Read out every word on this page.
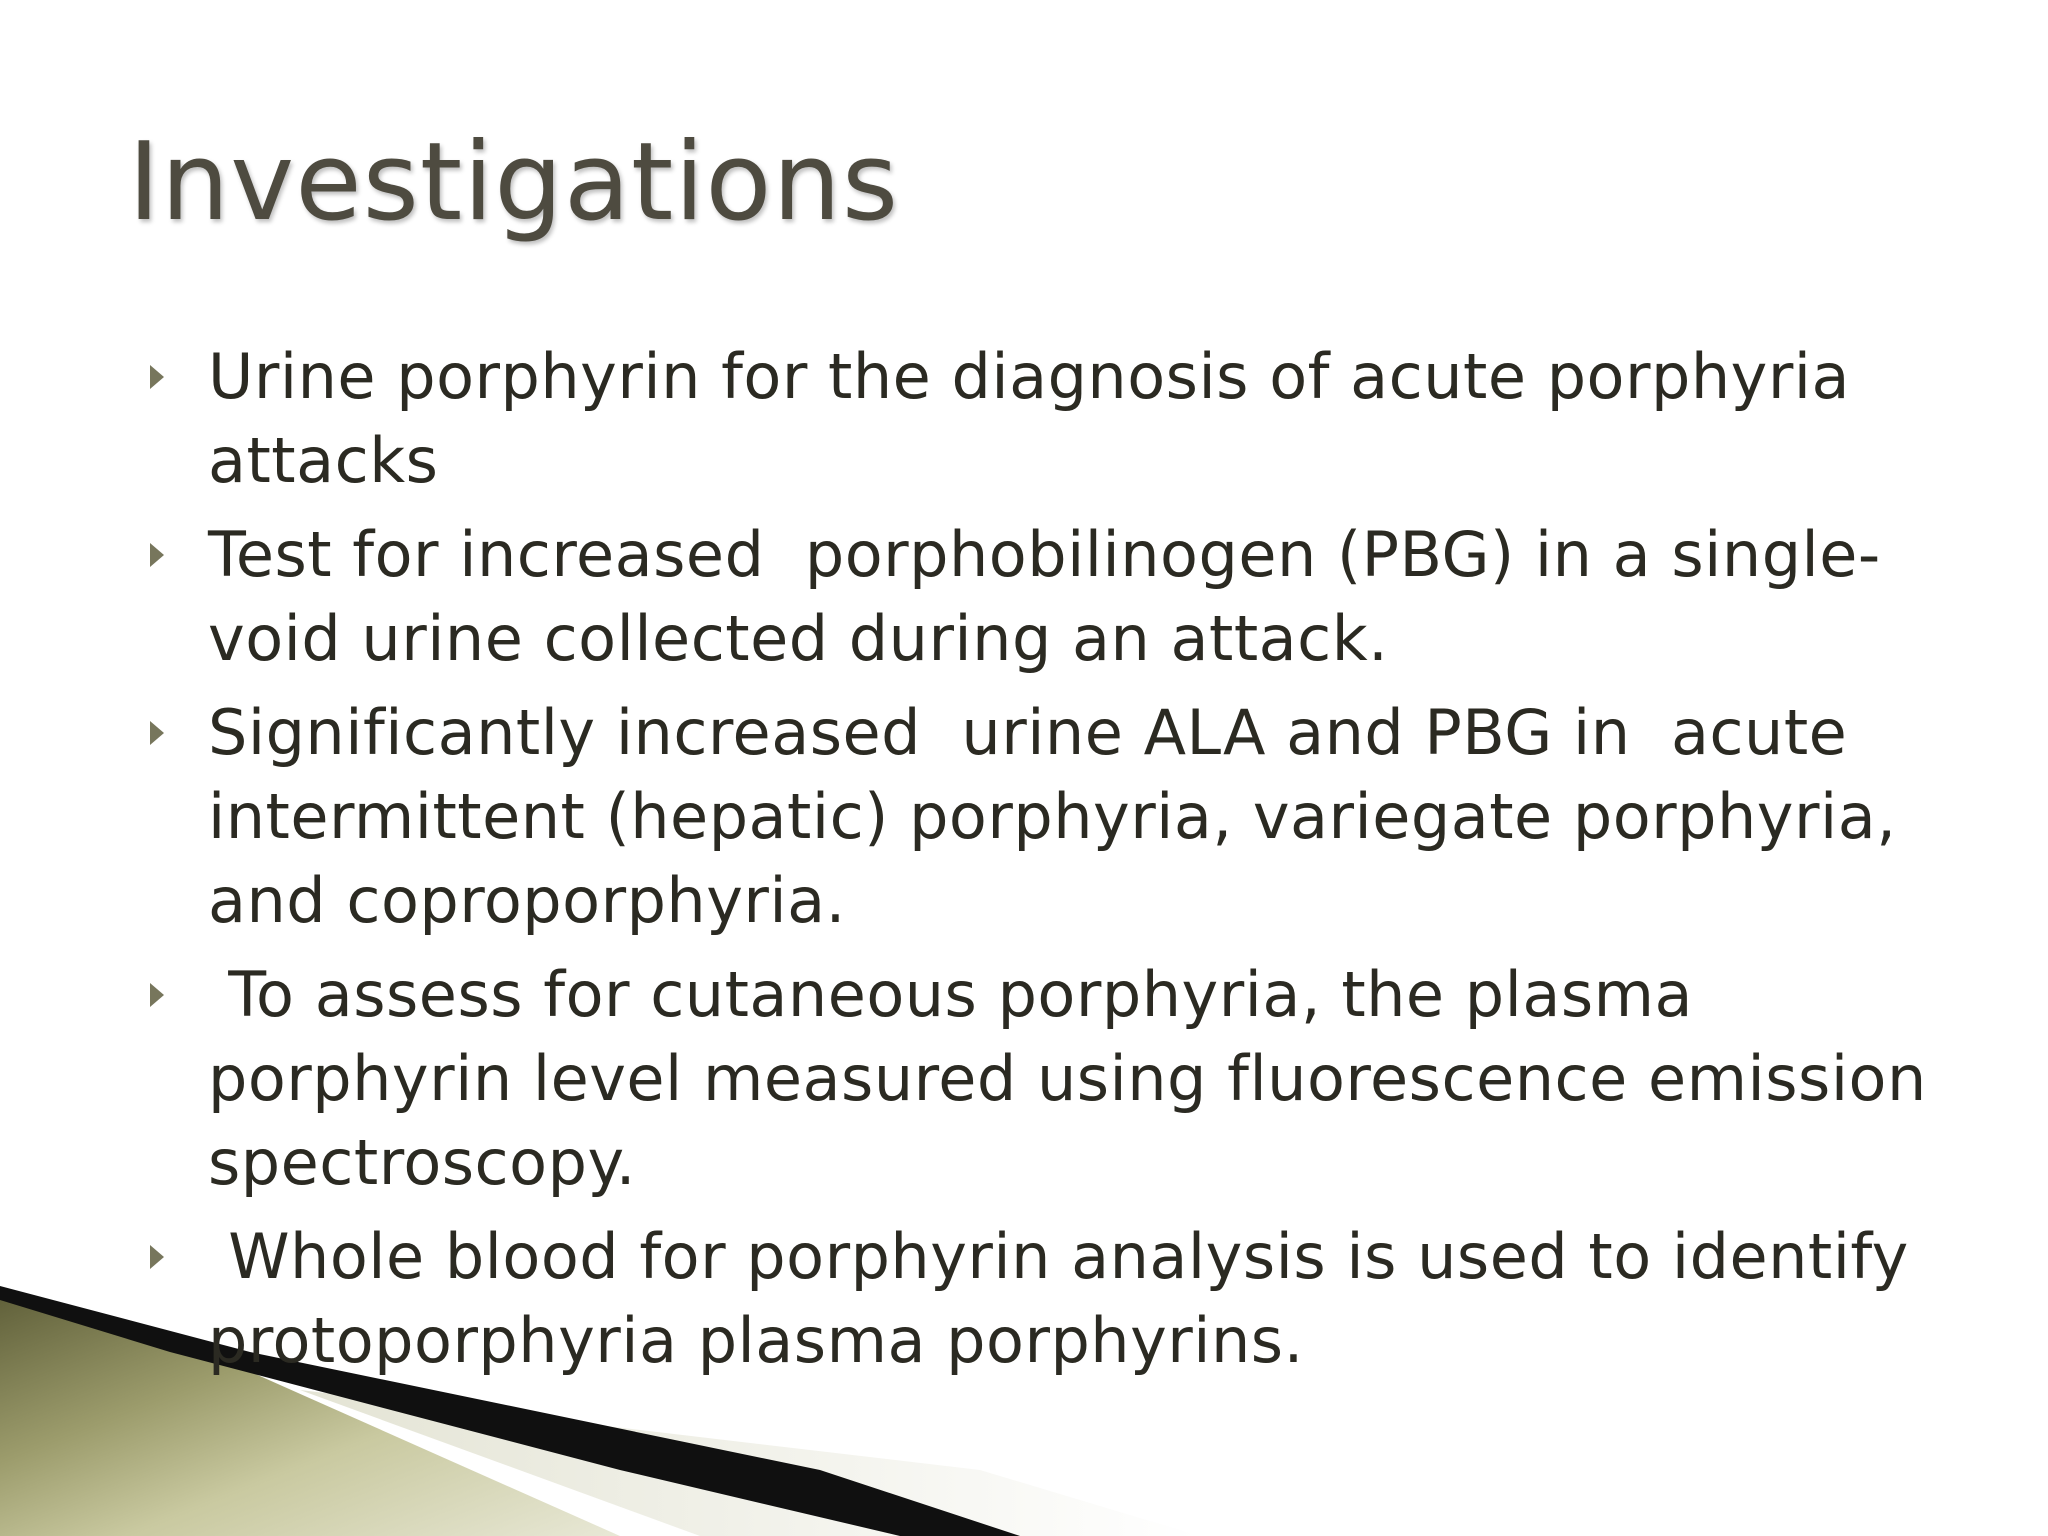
Investigations
Urine porphyrin for the diagnosis of acute porphyria attacks
Test for increased  porphobilinogen (PBG) in a single-void urine collected during an attack.
Significantly increased  urine ALA and PBG in  acute intermittent (hepatic) porphyria, variegate porphyria, and coproporphyria.
To assess for cutaneous porphyria, the plasma porphyrin level measured using fluorescence emission spectroscopy.
Whole blood for porphyrin analysis is used to identify protoporphyria plasma porphyrins.
